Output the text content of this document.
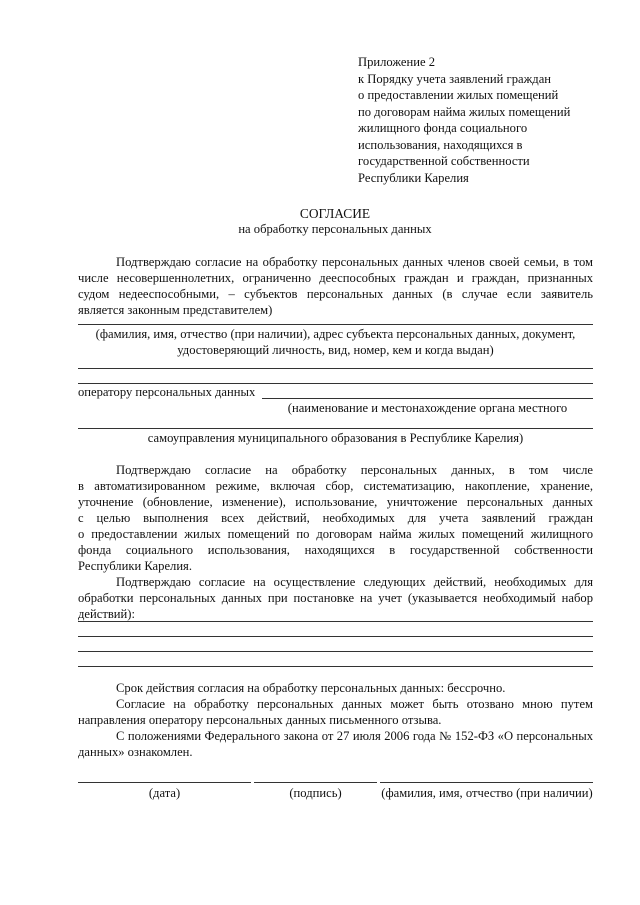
Приложение 2
к Порядку учета заявлений граждан
о предоставлении жилых помещений
по договорам найма жилых помещений
жилищного фонда социального
использования, находящихся в
государственной собственности
Республики Карелия
СОГЛАСИЕ
на обработку персональных данных
Подтверждаю согласие на обработку персональных данных членов своей семьи, в том
числе несовершеннолетних, ограниченно дееспособных граждан и граждан, признанных
судом недееспособными, – субъектов персональных данных (в случае если заявитель
является законным представителем)
(фамилия, имя, отчество (при наличии), адрес субъекта персональных данных, документ,
удостоверяющий личность, вид, номер, кем и когда выдан)
оператору персональных данных
(наименование и местонахождение органа местного
самоуправления муниципального образования в Республике Карелия)
Подтверждаю согласие на обработку персональных данных, в том числе
в автоматизированном режиме, включая сбор, систематизацию, накопление, хранение,
уточнение (обновление, изменение), использование, уничтожение персональных данных
с целью выполнения всех действий, необходимых для учета заявлений граждан
о предоставлении жилых помещений по договорам найма жилых помещений жилищного
фонда социального использования, находящихся в государственной собственности
Республики Карелия.
Подтверждаю согласие на осуществление следующих действий, необходимых для
обработки персональных данных при постановке на учет (указывается необходимый набор
действий):
Срок действия согласия на обработку персональных данных: бессрочно.
Согласие на обработку персональных данных может быть отозвано мною путем
направления оператору персональных данных письменного отзыва.
С положениями Федерального закона от 27 июля 2006 года № 152-ФЗ «О персональных
данных» ознакомлен.
(дата)	(подпись)	(фамилия, имя, отчество (при наличии)
